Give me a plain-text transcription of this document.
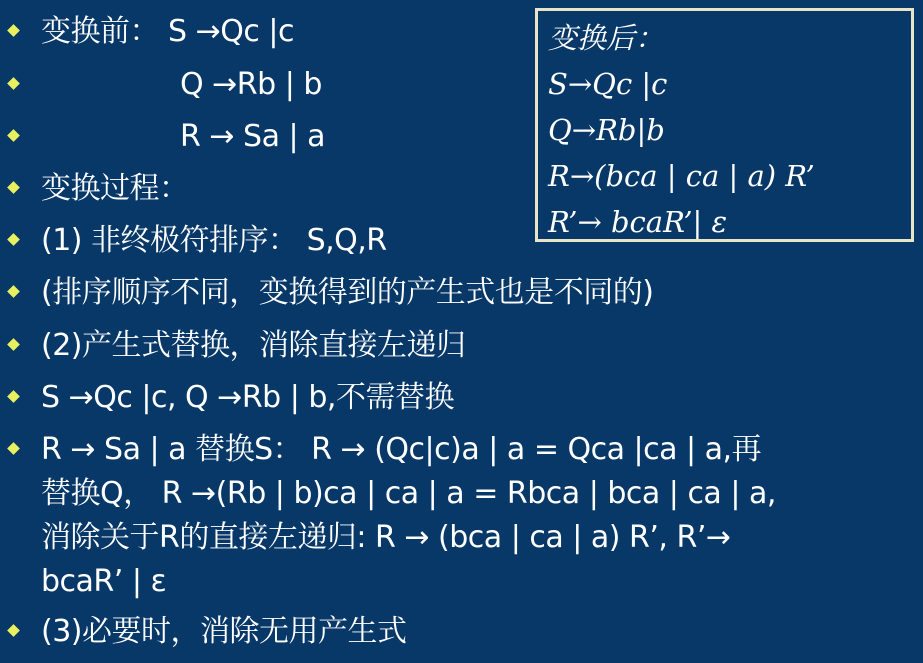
变换前： S →Qc |c
Q →Rb | b
R → Sa | a
变换过程：
(1) 非终极符排序： S,Q,R
(排序顺序不同，变换得到的产生式也是不同的)
(2)产生式替换，消除直接左递归
S →Qc |c, Q →Rb | b,不需替换
R → Sa | a 替换S： R → (Qc|c)a | a = Qca |ca | a,再
替换Q， R →(Rb | b)ca | ca | a = Rbca | bca | ca | a,
消除关于R的直接左递归: R → (bca | ca | a) R’, R’→
bcaR’ | ε
(3)必要时，消除无用产生式
变换后：
S→Qc |c
Q→Rb|b
R→(bca | ca | a) R’
R’→ bcaR’| ε
